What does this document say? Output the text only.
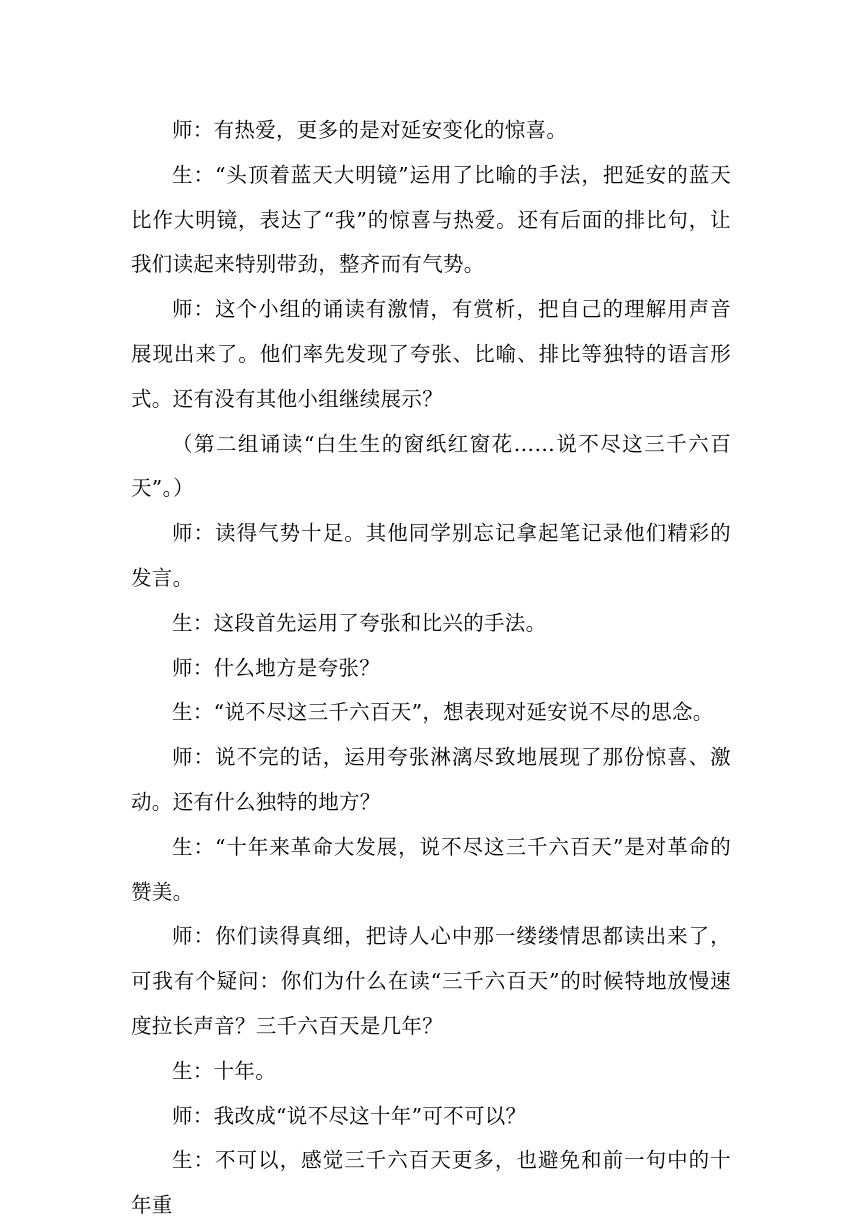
师：有热爱，更多的是对延安变化的惊喜。

生：“头顶着蓝天大明镜”运用了比喻的手法，把延安的蓝天比作大明镜，表达了“我”的惊喜与热爱。还有后面的排比句，让我们读起来特别带劲，整齐而有气势。

师：这个小组的诵读有激情，有赏析，把自己的理解用声音展现出来了。他们率先发现了夸张、比喻、排比等独特的语言形式。还有没有其他小组继续展示？

（第二组诵读“白生生的窗纸红窗花……说不尽这三千六百天”。）

师：读得气势十足。其他同学别忘记拿起笔记录他们精彩的发言。

生：这段首先运用了夸张和比兴的手法。

师：什么地方是夸张？

生：“说不尽这三千六百天”，想表现对延安说不尽的思念。

师：说不完的话，运用夸张淋漓尽致地展现了那份惊喜、激动。还有什么独特的地方？

生：“十年来革命大发展，说不尽这三千六百天”是对革命的赞美。

师：你们读得真细，把诗人心中那一缕缕情思都读出来了，可我有个疑问：你们为什么在读“三千六百天”的时候特地放慢速度拉长声音？三千六百天是几年？

生：十年。

师：我改成“说不尽这十年”可不可以？

生：不可以，感觉三千六百天更多，也避免和前一句中的十年重
